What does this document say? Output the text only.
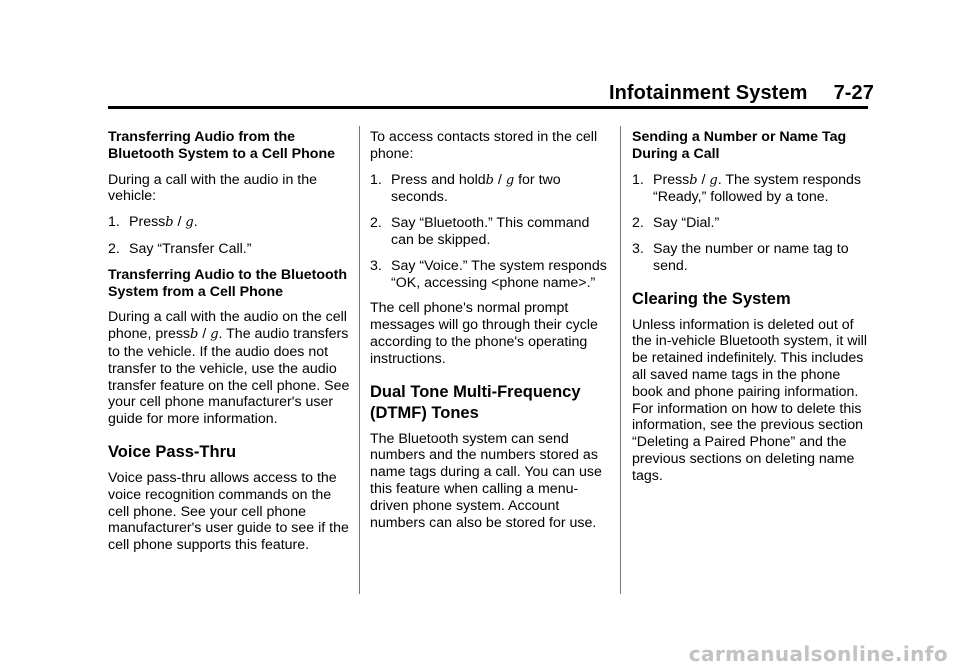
Infotainment System 7-27
Transferring Audio from the Bluetooth System to a Cell Phone

During a call with the audio in the vehicle:

1. Pressb / g.
2. Say “Transfer Call.”
Transferring Audio to the Bluetooth System from a Cell Phone

During a call with the audio on the cell phone, pressb / g. The audio transfers to the vehicle. If the audio does not transfer to the vehicle, use the audio transfer feature on the cell phone. See your cell phone manufacturer's user guide for more information.

Voice Pass-Thru

Voice pass-thru allows access to the voice recognition commands on the cell phone. See your cell phone manufacturer's user guide to see if the cell phone supports this feature.

To access contacts stored in the cell phone:

1. Press and holdb / g for two seconds.
2. Say “Bluetooth.” This command can be skipped.
3. Say “Voice.” The system responds “OK, accessing <phone name>.”

The cell phone's normal prompt messages will go through their cycle according to the phone's operating instructions.

Dual Tone Multi-Frequency (DTMF) Tones

The Bluetooth system can send numbers and the numbers stored as name tags during a call. You can use this feature when calling a menu-driven phone system. Account numbers can also be stored for use.

Sending a Number or Name Tag During a Call
1. Pressb / g. The system responds “Ready,” followed by a tone.
2. Say “Dial.”
3. Say the number or name tag to send.
Clearing the System

Unless information is deleted out of the in-vehicle Bluetooth system, it will be retained indefinitely. This includes all saved name tags in the phone book and phone pairing information. For information on how to delete this information, see the previous section “Deleting a Paired Phone” and the previous sections on deleting name tags.

carmanualsonline.info
